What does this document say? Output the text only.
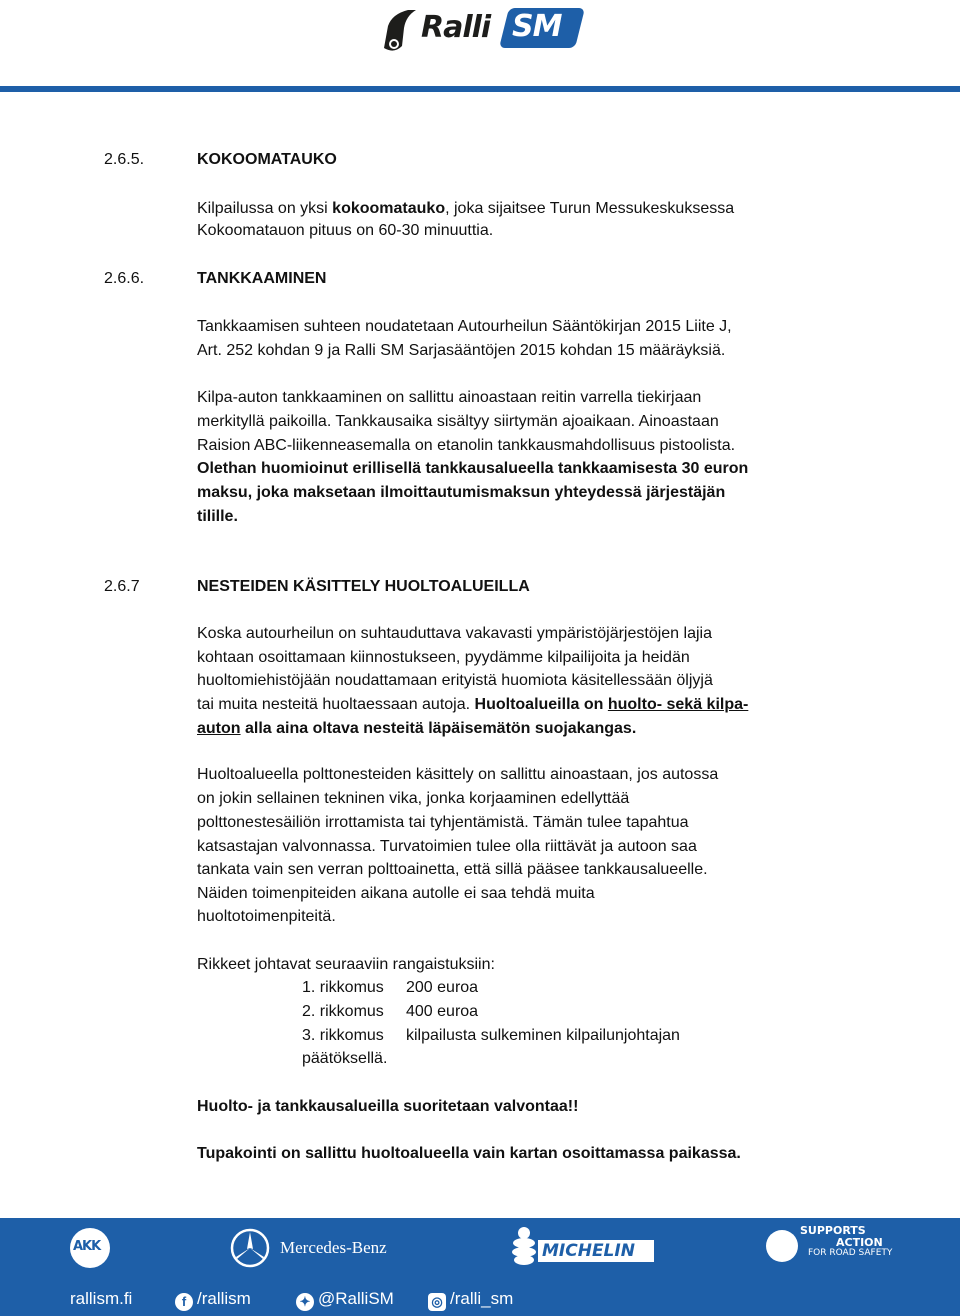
Ralli SM
2.6.5.	KOKOOMATAUKO
Kilpailussa on yksi kokoomatauko, joka sijaitsee Turun Messukeskuksessa
Kokoomatauon pituus on 60-30 minuuttia.
2.6.6.	TANKKAAMINEN
Tankkaamisen suhteen noudatetaan Autourheilun Sääntökirjan 2015 Liite J,
Art. 252 kohdan 9 ja Ralli SM Sarjasääntöjen 2015 kohdan 15 määräyksiä.
Kilpa-auton tankkaaminen on sallittu ainoastaan reitin varrella tiekirjaan
merkityllä paikoilla. Tankkausaika sisältyy siirtymän ajoaikaan. Ainoastaan
Raision ABC-liikenneasemalla on etanolin tankkausmahdollisuus pistoolista.
Olethan huomioinut erillisellä tankkausalueella tankkaamisesta 30 euron
maksu, joka maksetaan ilmoittautumismaksun yhteydessä järjestäjän
tilille.
2.6.7	NESTEIDEN KÄSITTELY HUOLTOALUEILLA
Koska autourheilun on suhtauduttava vakavasti ympäristöjärjestöjen lajia
kohtaan osoittamaan kiinnostukseen, pyydämme kilpailijoita ja heidän
huoltomiehistöjään noudattamaan erityistä huomiota käsitellessään öljyjä
tai muita nesteitä huoltaessaan autoja. Huoltoalueilla on huolto- sekä kilpa-
auton alla aina oltava nesteitä läpäisemätön suojakangas.
Huoltoalueella polttonesteiden käsittely on sallittu ainoastaan, jos autossa
on jokin sellainen tekninen vika, jonka korjaaminen edellyttää
polttonestesäiliön irrottamista tai tyhjentämistä. Tämän tulee tapahtua
katsastajan valvonnassa. Turvatoimien tulee olla riittävät ja autoon saa
tankata vain sen verran polttoainetta, että sillä pääsee tankkausalueelle.
Näiden toimenpiteiden aikana autolle ei saa tehdä muita
huoltotoimenpiteitä.
Rikkeet johtavat seuraaviin rangaistuksiin:
1. rikkomus 200 euroa
2. rikkomus 400 euroa
3. rikkomus kilpailusta sulkeminen kilpailunjohtajan
päätöksellä.
Huolto- ja tankkausalueilla suoritetaan valvontaa!!
Tupakointi on sallittu huoltoalueella vain kartan osoittamassa paikassa.
AKK	Mercedes-Benz	MICHELIN
SUPPORTS
ACTION
FOR ROAD SAFETY
rallism.fi	f /rallism	✦ @RalliSM	◎ /ralli_sm
